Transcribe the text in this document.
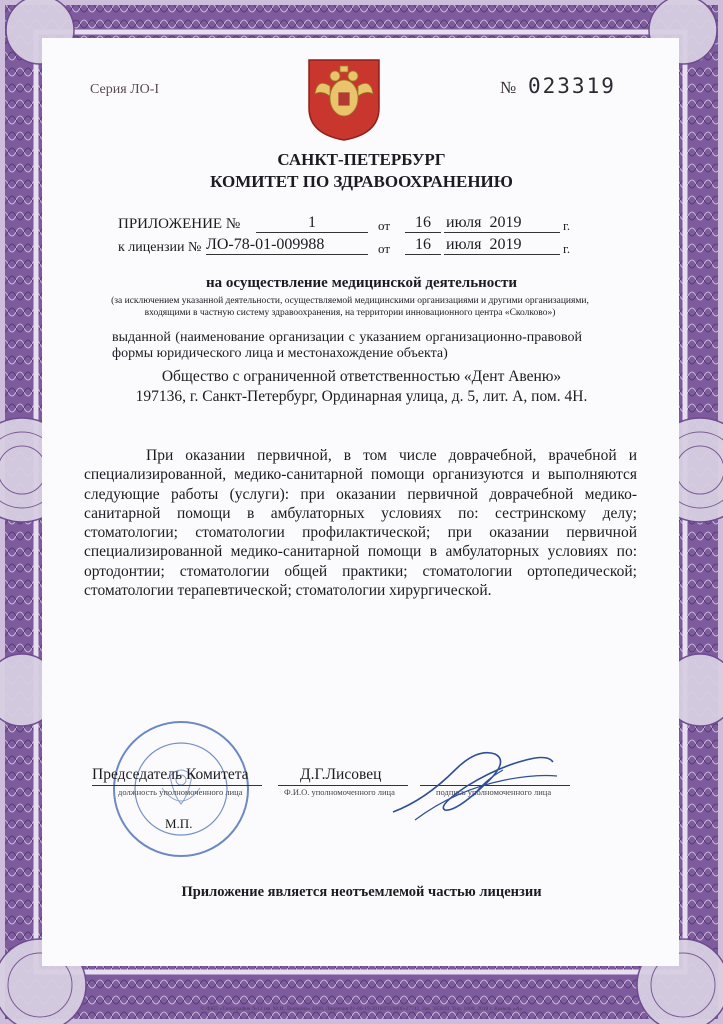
Серия ЛО-I	№ 023319
САНКТ-ПЕТЕРБУРГ
КОМИТЕТ ПО ЗДРАВООХРАНЕНИЮ
ПРИЛОЖЕНИЕ №	1	от	16 июля 2019	г.
к лицензии № ЛО-78-01-009988	от	16 июля 2019	г.
на осуществление медицинской деятельности
(за исключением указанной деятельности, осуществляемой медицинскими организациями и другими организациями, входящими в частную систему здравоохранения, на территории инновационного центра «Сколково»)
выданной (наименование организации с указанием организационно-правовой формы юридического лица и местонахождение объекта)
Общество с ограниченной ответственностью «Дент Авеню»
197136, г. Санкт-Петербург, Ординарная улица, д. 5, лит. А, пом. 4Н.
При оказании первичной, в том числе доврачебной, врачебной и специализированной, медико-санитарной помощи организуются и выполняются следующие работы (услуги): при оказании первичной доврачебной медико-санитарной помощи в амбулаторных условиях по: сестринскому делу; стоматологии; стоматологии профилактической; при оказании первичной специализированной медико-санитарной помощи в амбулаторных условиях по: ортодонтии; стоматологии общей практики; стоматологии ортопедической; стоматологии терапевтической; стоматологии хирургической.
Председатель Комитета
должность уполномоченного лица
Д.Г.Лисовец
Ф.И.О. уполномоченного лица	подпись уполномоченного лица
М.П.
Приложение является неотъемлемой частью лицензии
© ФКП «Типография №12 им. М.И. Лошкина» 4200, Лицензия 01-00-19-2018/ГО/0000-27741, Зак. 163019. Тир. 1000, 2018 г. Кремль «А»
